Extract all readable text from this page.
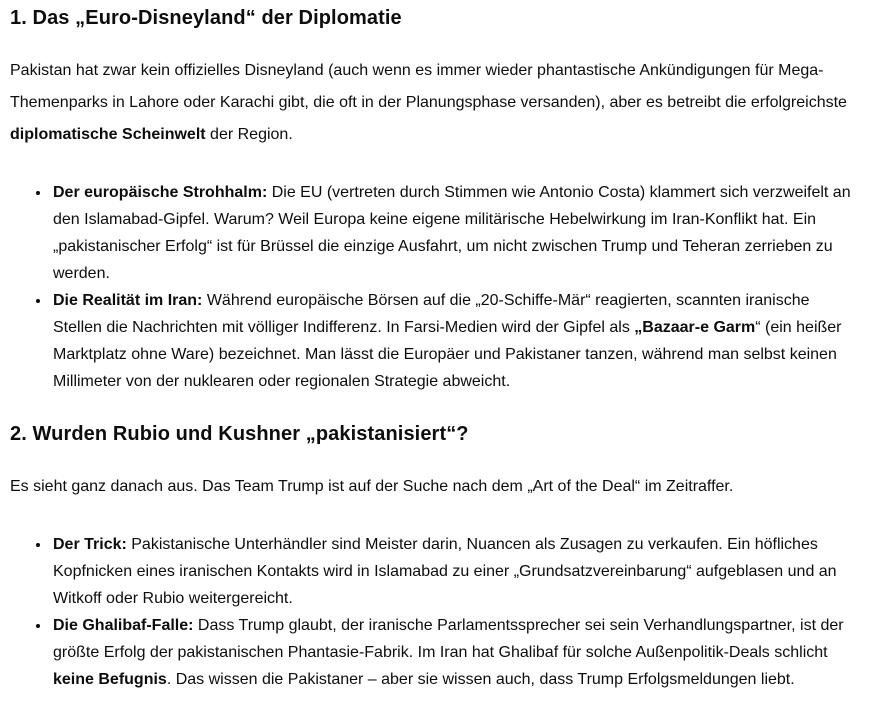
1. Das „Euro-Disneyland“ der Diplomatie

Pakistan hat zwar kein offizielles Disneyland (auch wenn es immer wieder phantastische Ankündigungen für Mega-Themenparks in Lahore oder Karachi gibt, die oft in der Planungsphase versanden), aber es betreibt die erfolgreichste diplomatische Scheinwelt der Region.

• Der europäische Strohhalm: Die EU (vertreten durch Stimmen wie Antonio Costa) klammert sich verzweifelt an den Islamabad-Gipfel. Warum? Weil Europa keine eigene militärische Hebelwirkung im Iran-Konflikt hat. Ein „pakistanischer Erfolg“ ist für Brüssel die einzige Ausfahrt, um nicht zwischen Trump und Teheran zerrieben zu werden.
• Die Realität im Iran: Während europäische Börsen auf die „20-Schiffe-Mär“ reagierten, scannten iranische Stellen die Nachrichten mit völliger Indifferenz. In Farsi-Medien wird der Gipfel als „Bazaar-e Garm“ (ein heißer Marktplatz ohne Ware) bezeichnet. Man lässt die Europäer und Pakistaner tanzen, während man selbst keinen Millimeter von der nuklearen oder regionalen Strategie abweicht.
2. Wurden Rubio und Kushner „pakistanisiert“?

Es sieht ganz danach aus. Das Team Trump ist auf der Suche nach dem „Art of the Deal“ im Zeitraffer.

• Der Trick: Pakistanische Unterhändler sind Meister darin, Nuancen als Zusagen zu verkaufen. Ein höfliches Kopfnicken eines iranischen Kontakts wird in Islamabad zu einer „Grundsatzvereinbarung“ aufgeblasen und an Witkoff oder Rubio weitergereicht.
• Die Ghalibaf-Falle: Dass Trump glaubt, der iranische Parlamentssprecher sei sein Verhandlungspartner, ist der größte Erfolg der pakistanischen Phantasie-Fabrik. Im Iran hat Ghalibaf für solche Außenpolitik-Deals schlicht keine Befugnis. Das wissen die Pakistaner – aber sie wissen auch, dass Trump Erfolgsmeldungen liebt.
